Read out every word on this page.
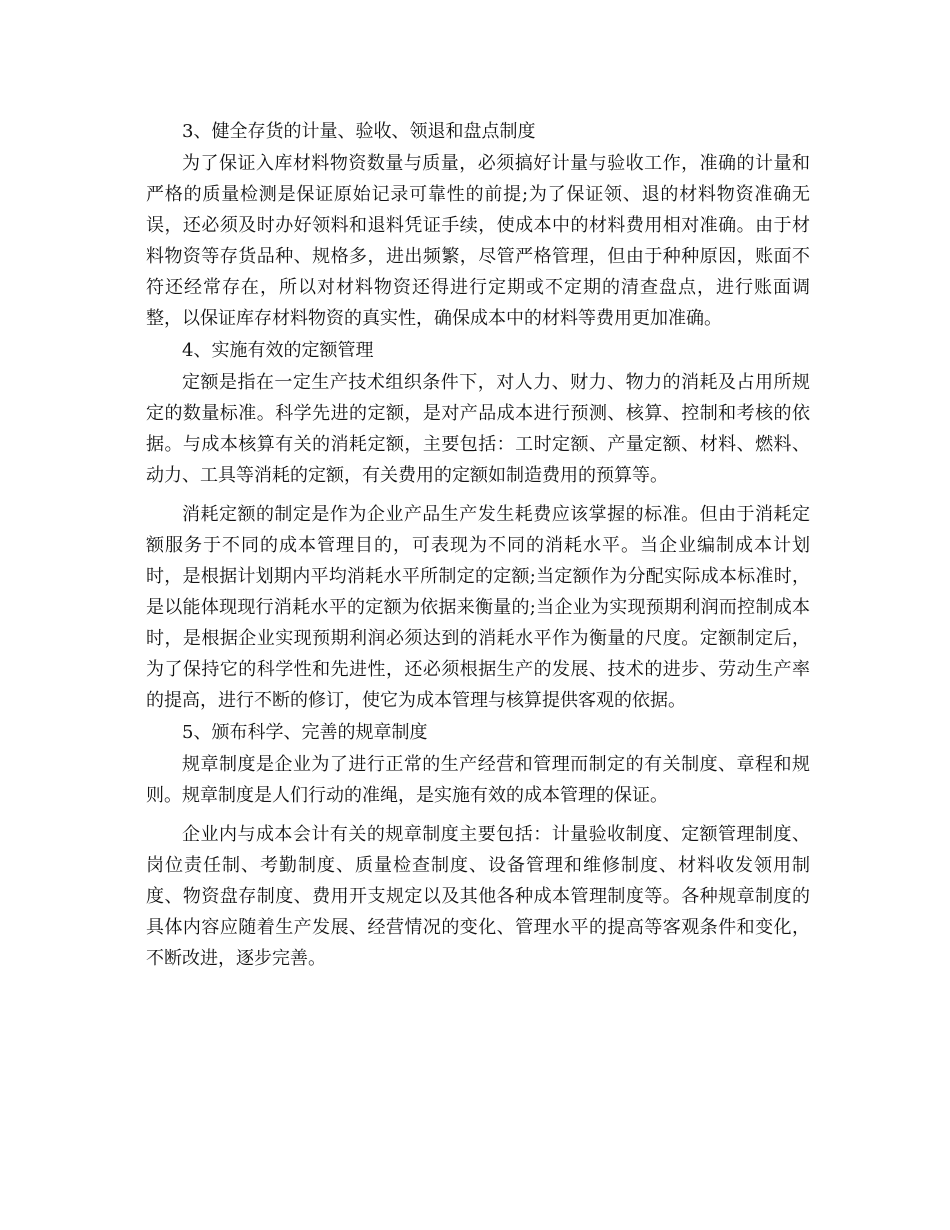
3、健全存货的计量、验收、领退和盘点制度

为了保证入库材料物资数量与质量，必须搞好计量与验收工作，准确的计量和严格的质量检测是保证原始记录可靠性的前提;为了保证领、退的材料物资准确无误，还必须及时办好领料和退料凭证手续，使成本中的材料费用相对准确。由于材料物资等存货品种、规格多，进出频繁，尽管严格管理，但由于种种原因，账面不符还经常存在，所以对材料物资还得进行定期或不定期的清查盘点，进行账面调整，以保证库存材料物资的真实性，确保成本中的材料等费用更加准确。

4、实施有效的定额管理

定额是指在一定生产技术组织条件下，对人力、财力、物力的消耗及占用所规定的数量标准。科学先进的定额，是对产品成本进行预测、核算、控制和考核的依据。与成本核算有关的消耗定额，主要包括：工时定额、产量定额、材料、燃料、动力、工具等消耗的定额，有关费用的定额如制造费用的预算等。

消耗定额的制定是作为企业产品生产发生耗费应该掌握的标准。但由于消耗定额服务于不同的成本管理目的，可表现为不同的消耗水平。当企业编制成本计划时，是根据计划期内平均消耗水平所制定的定额;当定额作为分配实际成本标准时，是以能体现现行消耗水平的定额为依据来衡量的;当企业为实现预期利润而控制成本时，是根据企业实现预期利润必须达到的消耗水平作为衡量的尺度。定额制定后，为了保持它的科学性和先进性，还必须根据生产的发展、技术的进步、劳动生产率的提高，进行不断的修订，使它为成本管理与核算提供客观的依据。

5、颁布科学、完善的规章制度

规章制度是企业为了进行正常的生产经营和管理而制定的有关制度、章程和规则。规章制度是人们行动的准绳，是实施有效的成本管理的保证。

企业内与成本会计有关的规章制度主要包括：计量验收制度、定额管理制度、岗位责任制、考勤制度、质量检查制度、设备管理和维修制度、材料收发领用制度、物资盘存制度、费用开支规定以及其他各种成本管理制度等。各种规章制度的具体内容应随着生产发展、经营情况的变化、管理水平的提高等客观条件和变化，不断改进，逐步完善。
